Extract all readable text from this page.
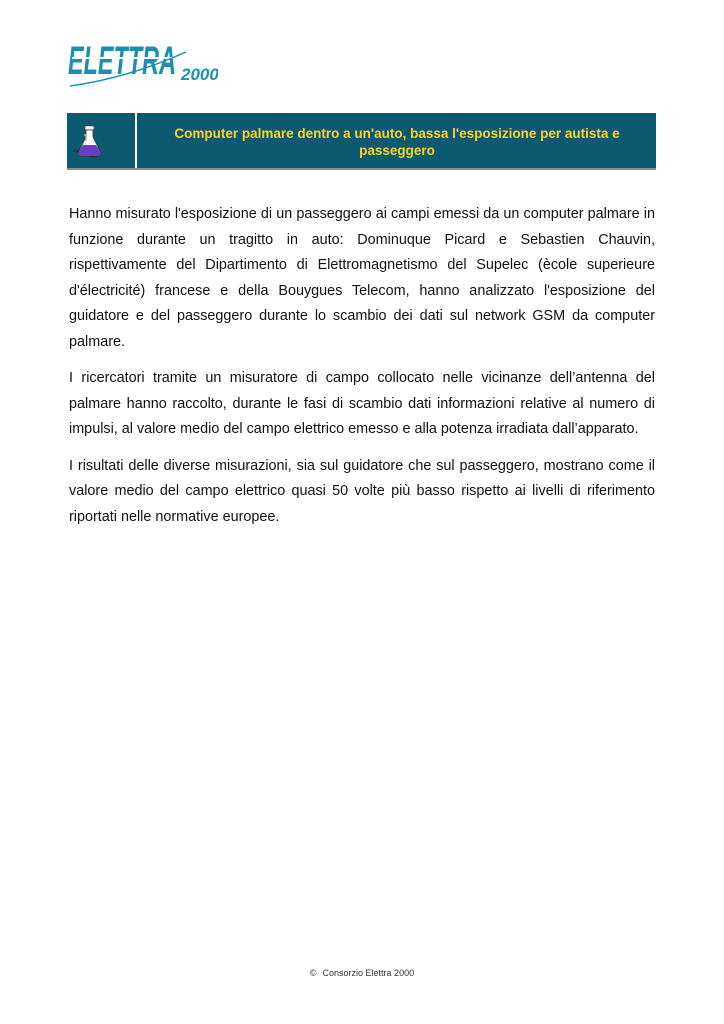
ELETTRA 2000
Computer palmare dentro a un'auto, bassa l'esposizione per autista e passeggero

Hanno misurato l'esposizione di un passeggero ai campi emessi da un computer palmare in funzione durante un tragitto in auto: Dominuque Picard e Sebastien Chauvin, rispettivamente del Dipartimento di Elettromagnetismo del Supelec (ècole superieure d'électricité) francese e della Bouygues Telecom, hanno analizzato l'esposizione del guidatore e del passeggero durante lo scambio dei dati sul network GSM da computer palmare.

I ricercatori tramite un misuratore di campo collocato nelle vicinanze dell’antenna del palmare hanno raccolto, durante le fasi di scambio dati informazioni relative al numero di impulsi, al valore medio del campo elettrico emesso e alla potenza irradiata dall’apparato.

I risultati delle diverse misurazioni, sia sul guidatore che sul passeggero, mostrano come il valore medio del campo elettrico quasi 50 volte più basso rispetto ai livelli di riferimento riportati nelle normative europee.

© Consorzio Elettra 2000
